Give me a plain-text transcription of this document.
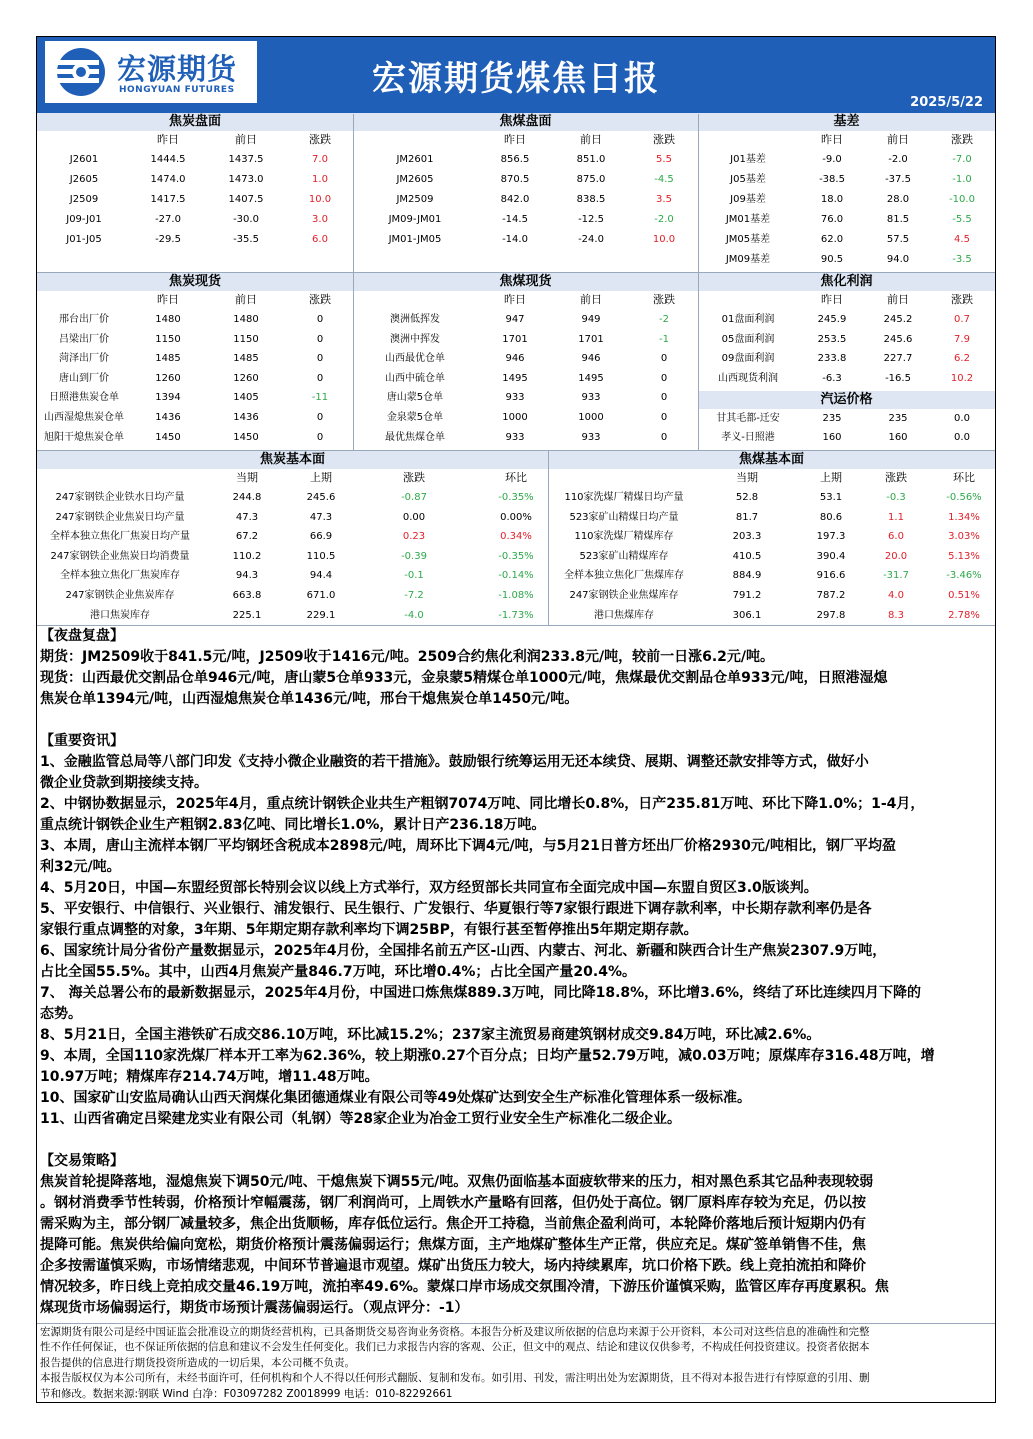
宏源期货
HONGYUAN FUTURES	宏源期货煤焦日报
2025/5/22
焦炭盘面
昨日	前日	涨跌
J2601	1444.5	1437.5	7.0
J2605	1474.0	1473.0	1.0
J2509	1417.5	1407.5	10.0
J09-J01	-27.0	-30.0	3.0
J01-J05	-29.5	-35.5	6.0
焦煤盘面
昨日	前日	涨跌
JM2601	856.5	851.0	5.5
JM2605	870.5	875.0	-4.5
JM2509	842.0	838.5	3.5
JM09-JM01	-14.5	-12.5	-2.0
JM01-JM05	-14.0	-24.0	10.0
基差
昨日	前日	涨跌
J01基差	-9.0	-2.0	-7.0
J05基差	-38.5	-37.5	-1.0
J09基差	18.0	28.0	-10.0
JM01基差	76.0	81.5	-5.5
JM05基差	62.0	57.5	4.5
JM09基差	90.5	94.0	-3.5
焦炭现货
昨日	前日	涨跌
邢台出厂价	1480	1480	0
吕梁出厂价	1150	1150	0
菏泽出厂价	1485	1485	0
唐山到厂价	1260	1260	0
日照港焦炭仓单	1394	1405	-11
山西湿熄焦炭仓单	1436	1436	0
旭阳干熄焦炭仓单	1450	1450	0
焦煤现货
昨日	前日	涨跌
澳洲低挥发	947	949	-2
澳洲中挥发	1701	1701	-1
山西最优仓单	946	946	0
山西中硫仓单	1495	1495	0
唐山蒙5仓单	933	933	0
金泉蒙5仓单	1000	1000	0
最优焦煤仓单	933	933	0
焦化利润
昨日	前日	涨跌
01盘面利润	245.9	245.2	0.7
05盘面利润	253.5	245.6	7.9
09盘面利润	233.8	227.7	6.2
山西现货利润	-6.3	-16.5	10.2
汽运价格
甘其毛都-迁安	235	235	0.0
孝义-日照港	160	160	0.0
焦炭基本面
当期	上期	涨跌	环比
247家钢铁企业铁水日均产量	244.8	245.6	-0.87	-0.35%
247家钢铁企业焦炭日均产量	47.3	47.3	0.00	0.00%
全样本独立焦化厂焦炭日均产量	67.2	66.9	0.23	0.34%
247家钢铁企业焦炭日均消费量	110.2	110.5	-0.39	-0.35%
全样本独立焦化厂焦炭库存	94.3	94.4	-0.1	-0.14%
247家钢铁企业焦炭库存	663.8	671.0	-7.2	-1.08%
港口焦炭库存	225.1	229.1	-4.0	-1.73%
焦煤基本面
当期	上期	涨跌	环比
110家洗煤厂精煤日均产量	52.8	53.1	-0.3	-0.56%
523家矿山精煤日均产量	81.7	80.6	1.1	1.34%
110家洗煤厂精煤库存	203.3	197.3	6.0	3.03%
523家矿山精煤库存	410.5	390.4	20.0	5.13%
全样本独立焦化厂焦煤库存	884.9	916.6	-31.7	-3.46%
247家钢铁企业焦煤库存	791.2	787.2	4.0	0.51%
港口焦煤库存	306.1	297.8	8.3	2.78%

【夜盘复盘】

期货：JM2509收于841.5元/吨，J2509收于1416元/吨。2509合约焦化利润233.8元/吨，较前一日涨6.2元/吨。

现货：山西最优交割品仓单946元/吨，唐山蒙5仓单933元，金泉蒙5精煤仓单1000元/吨，焦煤最优交割品仓单933元/吨，日照港湿熄

焦炭仓单1394元/吨，山西湿熄焦炭仓单1436元/吨，邢台干熄焦炭仓单1450元/吨。

【重要资讯】

1、金融监管总局等八部门印发《支持小微企业融资的若干措施》。鼓励银行统筹运用无还本续贷、展期、调整还款安排等方式，做好小

微企业贷款到期接续支持。

2、中钢协数据显示，2025年4月，重点统计钢铁企业共生产粗钢7074万吨、同比增长0.8%，日产235.81万吨、环比下降1.0%；1-4月，

重点统计钢铁企业生产粗钢2.83亿吨、同比增长1.0%，累计日产236.18万吨。

3、本周，唐山主流样本钢厂平均钢坯含税成本2898元/吨，周环比下调4元/吨，与5月21日普方坯出厂价格2930元/吨相比，钢厂平均盈

利32元/吨。

4、5月20日，中国—东盟经贸部长特别会议以线上方式举行，双方经贸部长共同宣布全面完成中国—东盟自贸区3.0版谈判。

5、平安银行、中信银行、兴业银行、浦发银行、民生银行、广发银行、华夏银行等7家银行跟进下调存款利率，中长期存款利率仍是各

家银行重点调整的对象，3年期、5年期定期存款利率均下调25BP，有银行甚至暂停推出5年期定期存款。

6、国家统计局分省份产量数据显示，2025年4月份，全国排名前五产区-山西、内蒙古、河北、新疆和陕西合计生产焦炭2307.9万吨，

占比全国55.5%。其中，山西4月焦炭产量846.7万吨，环比增0.4%；占比全国产量20.4%。

7、 海关总署公布的最新数据显示，2025年4月份，中国进口炼焦煤889.3万吨，同比降18.8%，环比增3.6%，终结了环比连续四月下降的

态势。

8、5月21日，全国主港铁矿石成交86.10万吨，环比减15.2%；237家主流贸易商建筑钢材成交9.84万吨，环比减2.6%。

9、本周，全国110家洗煤厂样本开工率为62.36%，较上期涨0.27个百分点；日均产量52.79万吨，减0.03万吨；原煤库存316.48万吨，增

10.97万吨；精煤库存214.74万吨，增11.48万吨。

10、国家矿山安监局确认山西天润煤化集团德通煤业有限公司等49处煤矿达到安全生产标准化管理体系一级标准。

11、山西省确定吕梁建龙实业有限公司（轧钢）等28家企业为冶金工贸行业安全生产标准化二级企业。

【交易策略】

焦炭首轮提降落地，湿熄焦炭下调50元/吨、干熄焦炭下调55元/吨。双焦仍面临基本面疲软带来的压力，相对黑色系其它品种表现较弱

。钢材消费季节性转弱，价格预计窄幅震荡，钢厂利润尚可，上周铁水产量略有回落，但仍处于高位。钢厂原料库存较为充足，仍以按

需采购为主，部分钢厂减量较多，焦企出货顺畅，库存低位运行。焦企开工持稳，当前焦企盈利尚可，本轮降价落地后预计短期内仍有

提降可能。焦炭供给偏向宽松，期货价格预计震荡偏弱运行；焦煤方面，主产地煤矿整体生产正常，供应充足。煤矿签单销售不佳，焦

企多按需谨慎采购，市场情绪悲观，中间环节普遍退市观望。煤矿出货压力较大，场内持续累库，坑口价格下跌。线上竞拍流拍和降价

情况较多，昨日线上竞拍成交量46.19万吨，流拍率49.6%。蒙煤口岸市场成交氛围冷清，下游压价谨慎采购，监管区库存再度累积。焦

煤现货市场偏弱运行，期货市场预计震荡偏弱运行。（观点评分：-1）

宏源期货有限公司是经中国证监会批准设立的期货经营机构，已具备期货交易咨询业务资格。本报告分析及建议所依据的信息均来源于公开资料，本公司对这些信息的准确性和完整

性不作任何保证，也不保证所依据的信息和建议不会发生任何变化。我们已力求报告内容的客观、公正，但文中的观点、结论和建议仅供参考，不构成任何投资建议。投资者依据本

报告提供的信息进行期货投资所造成的一切后果，本公司概不负责。

本报告版权仅为本公司所有，未经书面许可，任何机构和个人不得以任何形式翻版、复制和发布。如引用、刊发，需注明出处为宏源期货，且不得对本报告进行有悖原意的引用、删

节和修改。数据来源:钢联 Wind 白净：F03097282 Z0018999 电话：010-82292661
